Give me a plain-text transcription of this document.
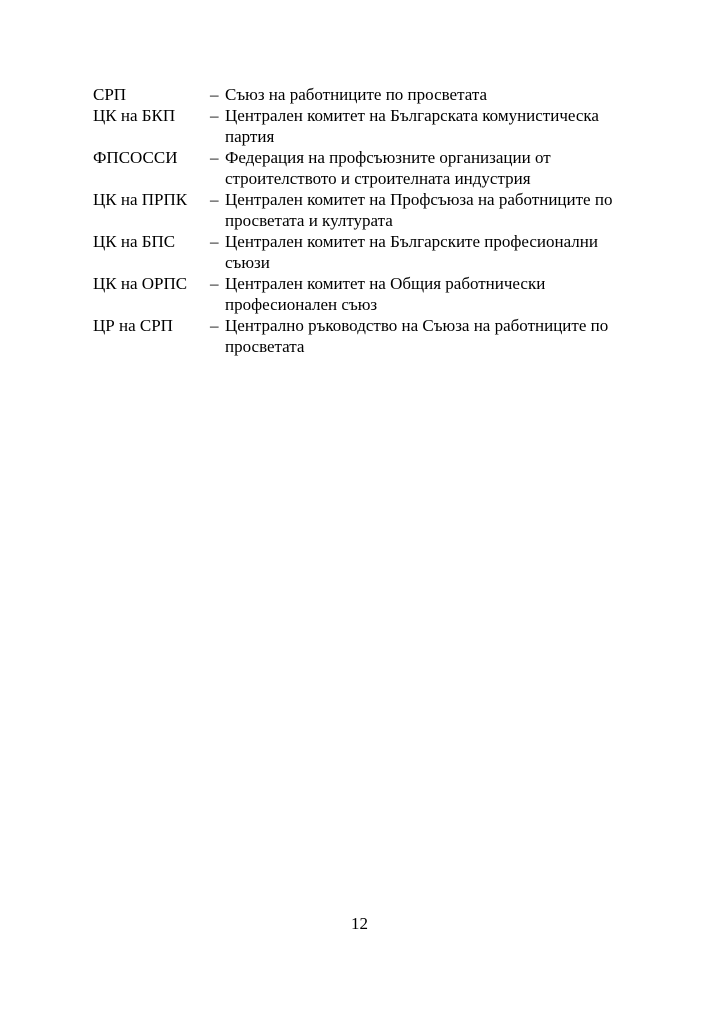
СРП	– Съюз на работниците по просветата
ЦК на БКП	– Централен комитет на Българската комунистическа партия
ФПСОССИ	– Федерация на профсъюзните организации от строителството и строителната индустрия
ЦК на ПРПК	– Централен комитет на Профсъюза на работниците по просветата и културата
ЦК на БПС	– Централен комитет на Българските професионални съюзи
ЦК на ОРПС	– Централен комитет на Общия работнически професионален съюз
ЦР на СРП	– Централно ръководство на Съюза на работниците по просветата
12
